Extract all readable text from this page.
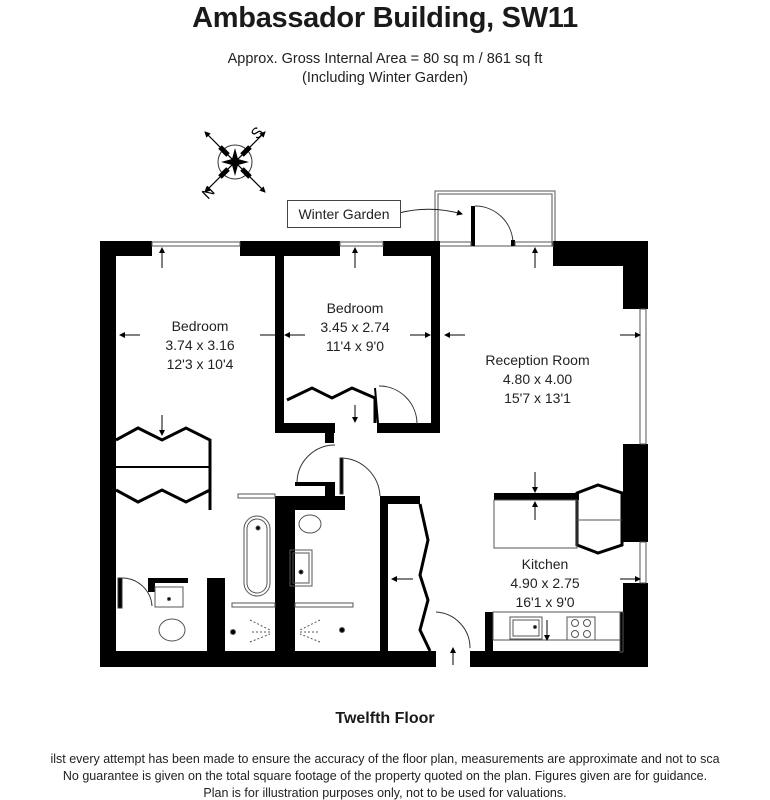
Ambassador Building, SW11
Approx. Gross Internal Area = 80 sq m / 861 sq ft
(Including Winter Garden)
N
S
Winter Garden
Bedroom
3.74 x 3.16
12'3 x 10'4
Bedroom
3.45 x 2.74
11'4 x 9'0
Reception Room
4.80 x 4.00
15'7 x 13'1
Kitchen
4.90 x 2.75
16'1 x 9'0
Twelfth Floor
ilst every attempt has been made to ensure the accuracy of the floor plan, measurements are approximate and not to sca
No guarantee is given on the total square footage of the property quoted on the plan. Figures given are for guidance.
Plan is for illustration purposes only, not to be used for valuations.
